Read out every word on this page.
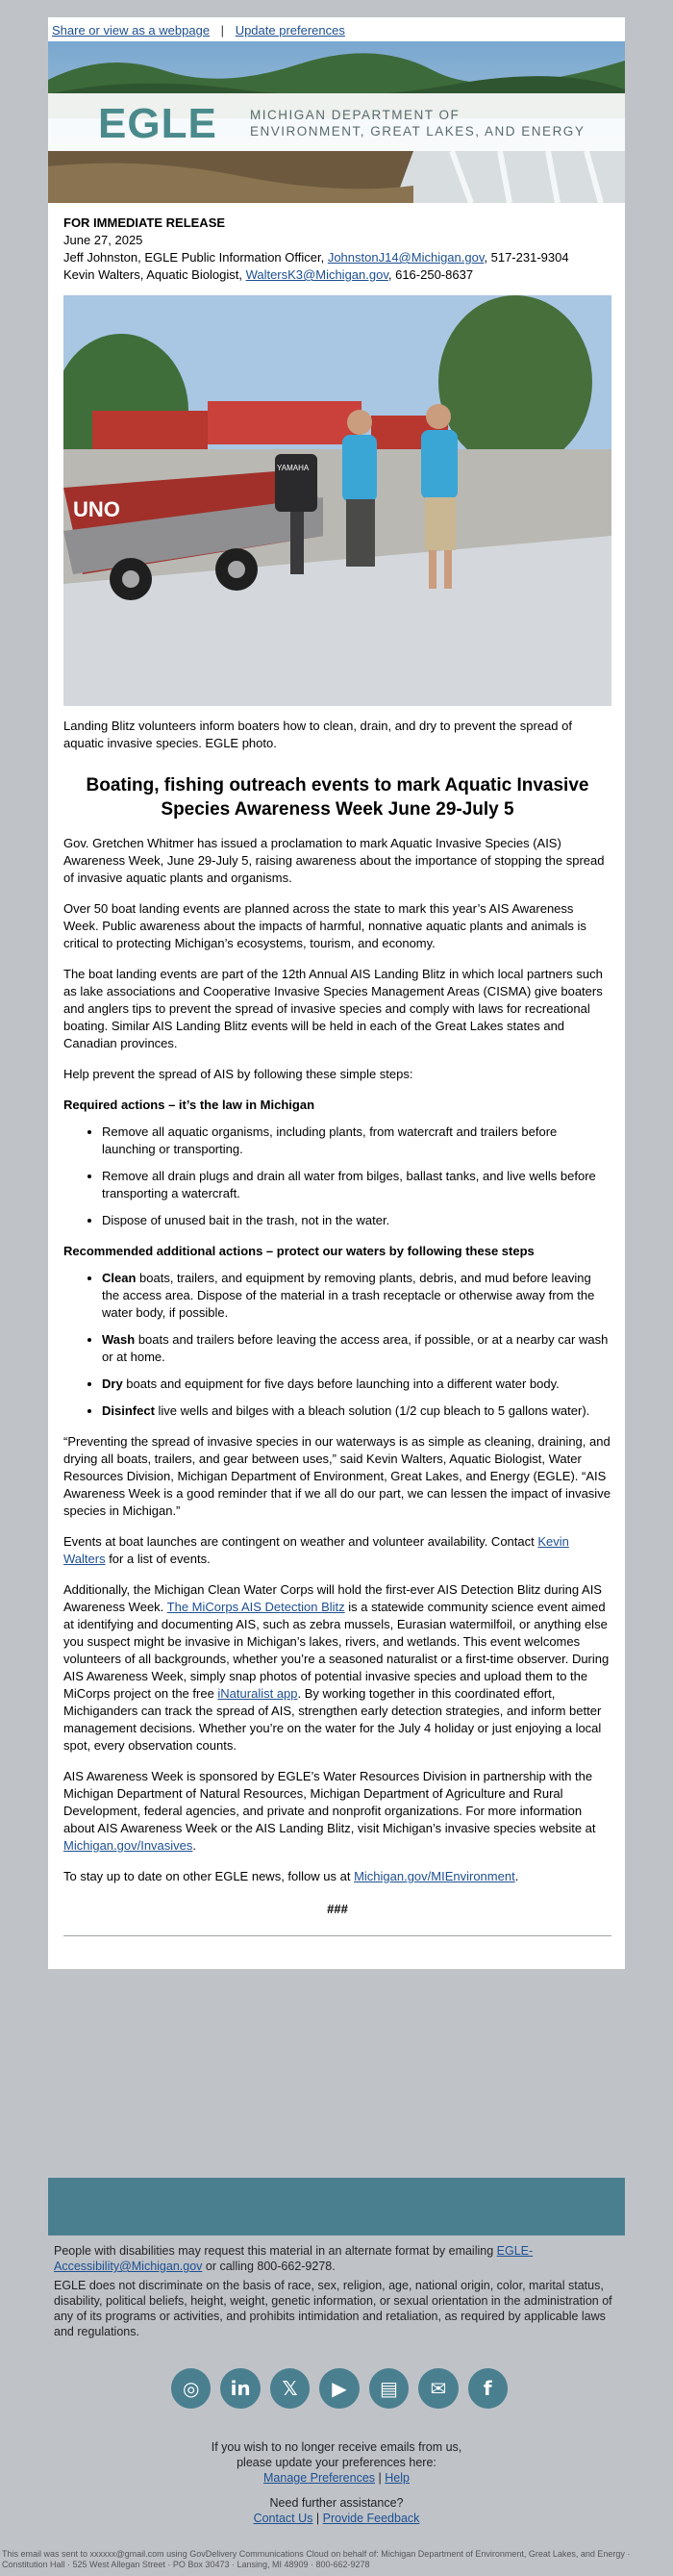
Share or view as a webpage | Update preferences
EGLE	MICHIGAN DEPARTMENT OF
ENVIRONMENT, GREAT LAKES, AND ENERGY
FOR IMMEDIATE RELEASE
June 27, 2025
Jeff Johnston, EGLE Public Information Officer, JohnstonJ14@Michigan.gov, 517-231-9304
Kevin Walters, Aquatic Biologist, WaltersK3@Michigan.gov, 616-250-8637
UNO
YAMAHA
Landing Blitz volunteers inform boaters how to clean, drain, and dry to prevent the spread of aquatic invasive species. EGLE photo.
Boating, fishing outreach events to mark Aquatic Invasive Species Awareness Week June 29-July 5

Gov. Gretchen Whitmer has issued a proclamation to mark Aquatic Invasive Species (AIS) Awareness Week, June 29-July 5, raising awareness about the importance of stopping the spread of invasive aquatic plants and organisms.

Over 50 boat landing events are planned across the state to mark this year’s AIS Awareness Week. Public awareness about the impacts of harmful, nonnative aquatic plants and animals is critical to protecting Michigan’s ecosystems, tourism, and economy.

The boat landing events are part of the 12th Annual AIS Landing Blitz in which local partners such as lake associations and Cooperative Invasive Species Management Areas (CISMA) give boaters and anglers tips to prevent the spread of invasive species and comply with laws for recreational boating. Similar AIS Landing Blitz events will be held in each of the Great Lakes states and Canadian provinces.

Help prevent the spread of AIS by following these simple steps:

Required actions – it’s the law in Michigan
• Remove all aquatic organisms, including plants, from watercraft and trailers before launching or transporting.
• Remove all drain plugs and drain all water from bilges, ballast tanks, and live wells before transporting a watercraft.
• Dispose of unused bait in the trash, not in the water.
Recommended additional actions – protect our waters by following these steps
• Clean boats, trailers, and equipment by removing plants, debris, and mud before leaving the access area. Dispose of the material in a trash receptacle or otherwise away from the water body, if possible.
• Wash boats and trailers before leaving the access area, if possible, or at a nearby car wash or at home.
• Dry boats and equipment for five days before launching into a different water body.
• Disinfect live wells and bilges with a bleach solution (1/2 cup bleach to 5 gallons water).

“Preventing the spread of invasive species in our waterways is as simple as cleaning, draining, and drying all boats, trailers, and gear between uses,” said Kevin Walters, Aquatic Biologist, Water Resources Division, Michigan Department of Environment, Great Lakes, and Energy (EGLE). “AIS Awareness Week is a good reminder that if we all do our part, we can lessen the impact of invasive species in Michigan.”

Events at boat launches are contingent on weather and volunteer availability. Contact Kevin Walters for a list of events.

Additionally, the Michigan Clean Water Corps will hold the first-ever AIS Detection Blitz during AIS Awareness Week. The MiCorps AIS Detection Blitz is a statewide community science event aimed at identifying and documenting AIS, such as zebra mussels, Eurasian watermilfoil, or anything else you suspect might be invasive in Michigan’s lakes, rivers, and wetlands. This event welcomes volunteers of all backgrounds, whether you’re a seasoned naturalist or a first-time observer. During AIS Awareness Week, simply snap photos of potential invasive species and upload them to the MiCorps project on the free iNaturalist app. By working together in this coordinated effort, Michiganders can track the spread of AIS, strengthen early detection strategies, and inform better management decisions. Whether you’re on the water for the July 4 holiday or just enjoying a local spot, every observation counts.

AIS Awareness Week is sponsored by EGLE’s Water Resources Division in partnership with the Michigan Department of Natural Resources, Michigan Department of Agriculture and Rural Development, federal agencies, and private and nonprofit organizations. For more information about AIS Awareness Week or the AIS Landing Blitz, visit Michigan’s invasive species website at Michigan.gov/Invasives.

To stay up to date on other EGLE news, follow us at Michigan.gov/MIEnvironment.

###
People with disabilities may request this material in an alternate format by emailing EGLE-Accessibility@Michigan.gov or calling 800-662-9278.
EGLE does not discriminate on the basis of race, sex, religion, age, national origin, color, marital status, disability, political beliefs, height, weight, genetic information, or sexual orientation in the administration of any of its programs or activities, and prohibits intimidation and retaliation, as required by applicable laws and regulations.
◎	in	𝕏	▶	▤	✉	f
If you wish to no longer receive emails from us,
please update your preferences here:
Manage Preferences | Help
Need further assistance?
Contact Us | Provide Feedback
This email was sent to xxxxxx@gmail.com using GovDelivery Communications Cloud on behalf of: Michigan Department of Environment, Great Lakes, and Energy · Constitution Hall · 525 West Allegan Street · PO Box 30473 · Lansing, MI 48909 · 800-662-9278
